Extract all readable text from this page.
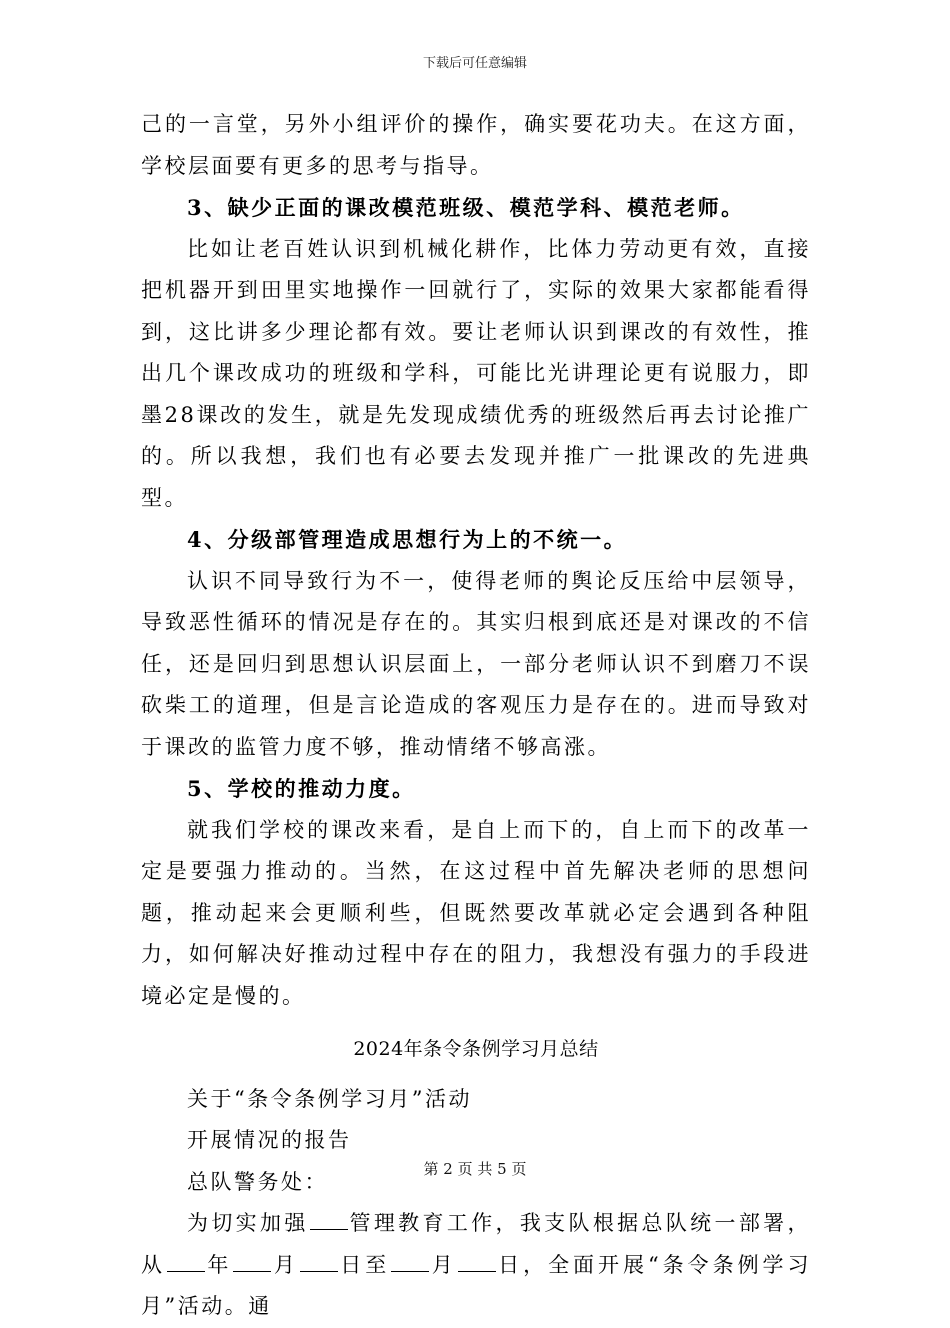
下载后可任意编辑

己的一言堂，另外小组评价的操作，确实要花功夫。在这方面，学校层面要有更多的思考与指导。

3、缺少正面的课改模范班级、模范学科、模范老师。

比如让老百姓认识到机械化耕作，比体力劳动更有效，直接把机器开到田里实地操作一回就行了，实际的效果大家都能看得到，这比讲多少理论都有效。要让老师认识到课改的有效性，推出几个课改成功的班级和学科，可能比光讲理论更有说服力，即墨28课改的发生，就是先发现成绩优秀的班级然后再去讨论推广的。所以我想，我们也有必要去发现并推广一批课改的先进典型。

4、分级部管理造成思想行为上的不统一。

认识不同导致行为不一，使得老师的舆论反压给中层领导，导致恶性循环的情况是存在的。其实归根到底还是对课改的不信任，还是回归到思想认识层面上，一部分老师认识不到磨刀不误砍柴工的道理，但是言论造成的客观压力是存在的。进而导致对于课改的监管力度不够，推动情绪不够高涨。

5、学校的推动力度。

就我们学校的课改来看，是自上而下的，自上而下的改革一定是要强力推动的。当然，在这过程中首先解决老师的思想问题，推动起来会更顺利些，但既然要改革就必定会遇到各种阻力，如何解决好推动过程中存在的阻力，我想没有强力的手段进境必定是慢的。

2024年条令条例学习月总结

关于“条令条例学习月”活动

开展情况的报告

总队警务处：

为切实加强 管理教育工作，我支队根据总队统一部署，从 年 月 日至 月 日，全面开展“条令条例学习月”活动。通

第 2 页 共 5 页
